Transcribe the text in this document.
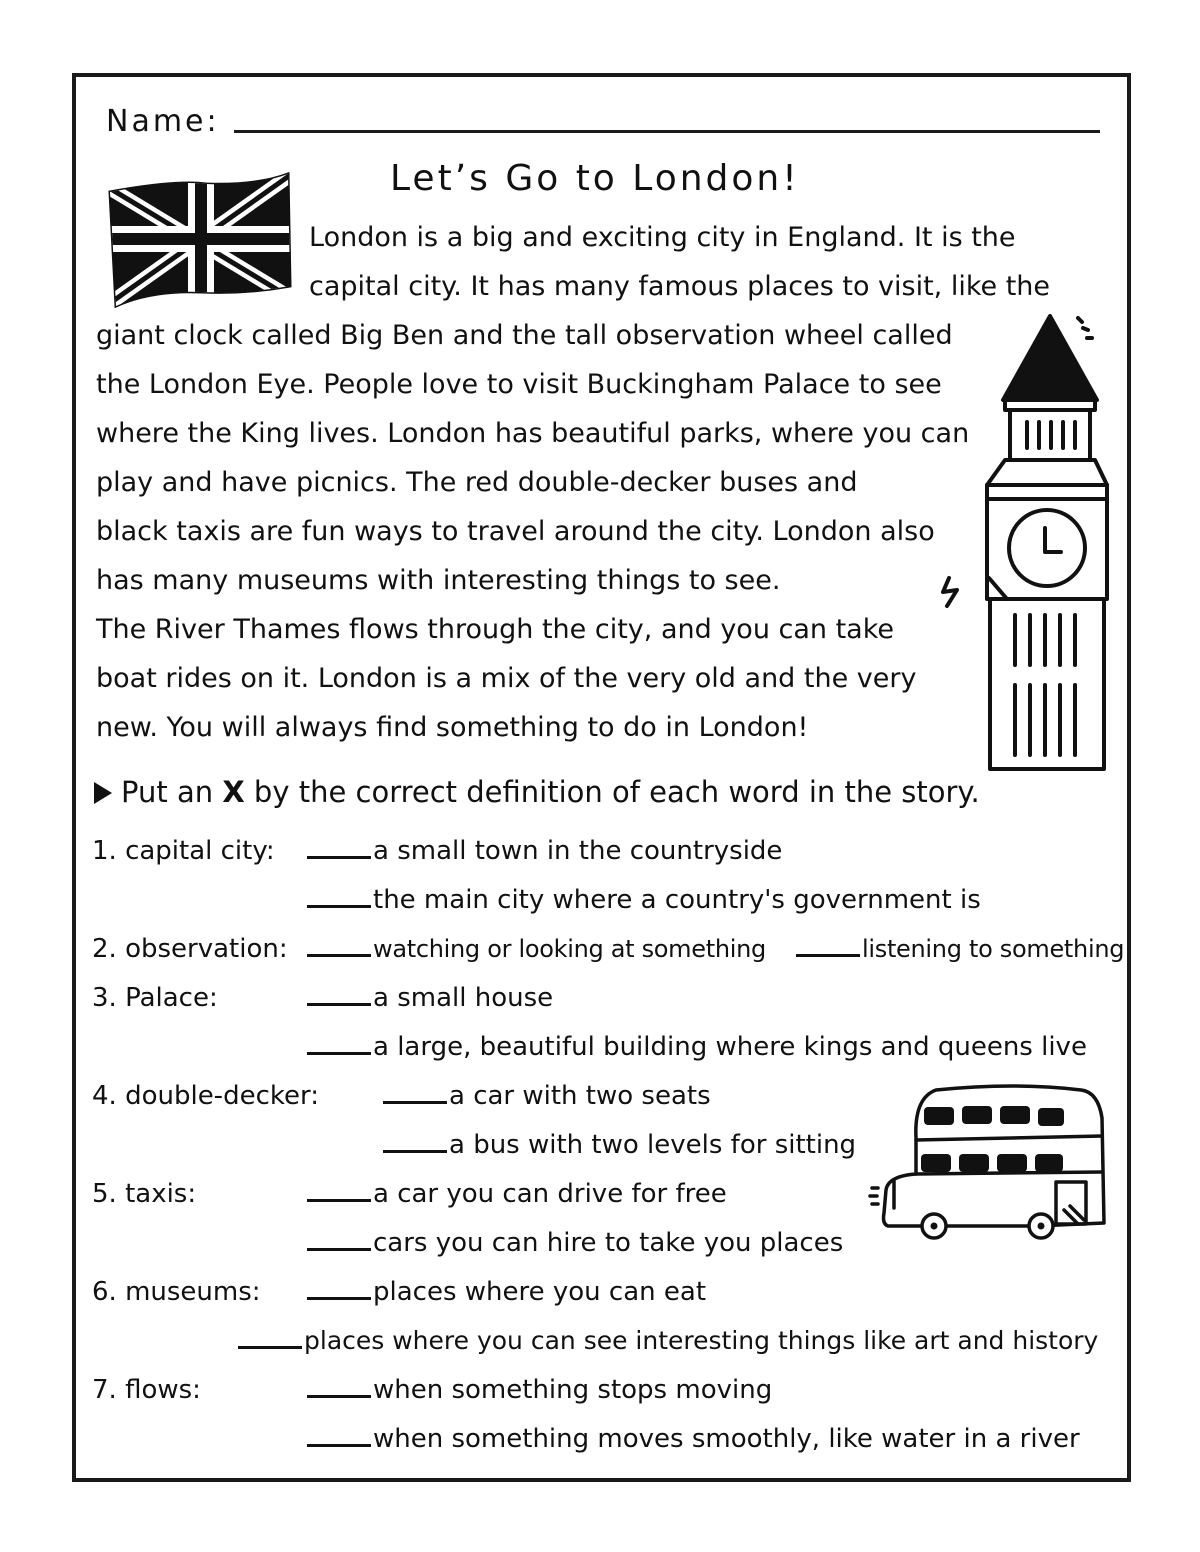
Name:
Let’s Go to London!
London is a big and exciting city in England. It is the
capital city. It has many famous places to visit, like the
giant clock called Big Ben and the tall observation wheel called
the London Eye. People love to visit Buckingham Palace to see
where the King lives. London has beautiful parks, where you can
play and have picnics. The red double-decker buses and
black taxis are fun ways to travel around the city. London also
has many museums with interesting things to see.
The River Thames flows through the city, and you can take
boat rides on it. London is a mix of the very old and the very
new. You will always find something to do in London!
Put an X by the correct definition of each word in the story.
1. capital city:	a small town in the countryside
the main city where a country's government is
2. observation:	watching or looking at something	listening to something
3. Palace:	a small house
a large, beautiful building where kings and queens live
4. double-decker:	a car with two seats
a bus with two levels for sitting
5. taxis:	a car you can drive for free
cars you can hire to take you places
6. museums:	places where you can eat
places where you can see interesting things like art and history
7. flows:	when something stops moving
when something moves smoothly, like water in a river
